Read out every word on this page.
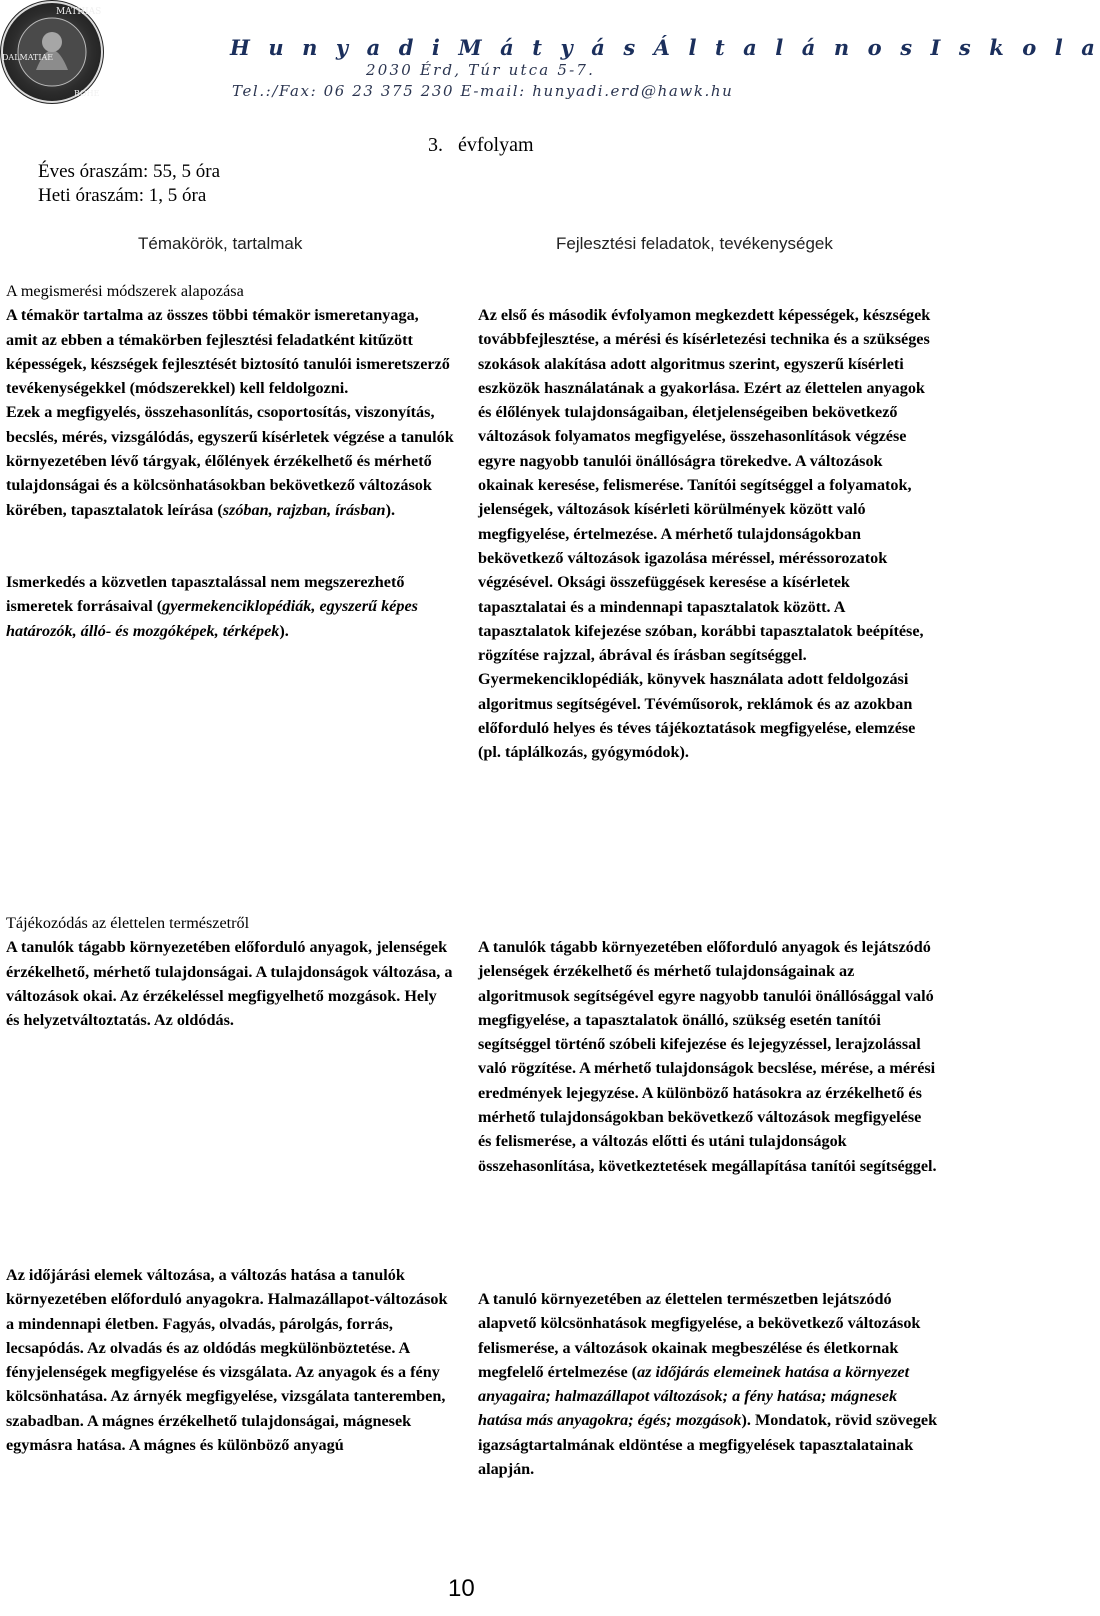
MATHIAS
DALMATIAE
BOHE
H u n y a d i M á t y á s Á l t a l á n o s I s k o l a
2030 Érd, Túr utca 5-7.
Tel.:/Fax: 06 23 375 230 E-mail: hunyadi.erd@hawk.hu
3.   évfolyam
Éves óraszám: 55, 5 óra
Heti óraszám: 1, 5 óra
Témakörök, tartalmak	Fejlesztési feladatok, tevékenységek

A megismerési módszerek alapozása

A témakör tartalma az összes többi témakör ismeretanyaga, amit az ebben a témakörben fejlesztési feladatként kitűzött képességek, készségek fejlesztését biztosító tanulói ismeretszerző tevékenységekkel (módszerekkel) kell feldolgozni.

Ezek a megfigyelés, összehasonlítás, csoportosítás, viszonyítás, becslés, mérés, vizsgálódás, egyszerű kísérletek végzése a tanulók környezetében lévő tárgyak, élőlények érzékelhető és mérhető tulajdonságai és a kölcsönhatásokban bekövetkező változások körében, tapasztalatok leírása (szóban, rajzban, írásban).

Ismerkedés a közvetlen tapasztalással nem megszerezhető ismeretek forrásaival (gyermekenciklopédiák, egyszerű képes határozók, álló- és mozgóképek, térképek).

Az első és második évfolyamon megkezdett képességek, készségek továbbfejlesztése, a mérési és kísérletezési technika és a szükséges szokások alakítása adott algoritmus szerint, egyszerű kísérleti eszközök használatának a gyakorlása. Ezért az élettelen anyagok és élőlények tulajdonságaiban, életjelenségeiben bekövetkező változások folyamatos megfigyelése, összehasonlítások végzése egyre nagyobb tanulói önállóságra törekedve. A változások okainak keresése, felismerése. Tanítói segítséggel a folyamatok, jelenségek, változások kísérleti körülmények között való megfigyelése, értelmezése. A mérhető tulajdonságokban bekövetkező változások igazolása méréssel, méréssorozatok végzésével. Oksági összefüggések keresése a kísérletek tapasztalatai és a mindennapi tapasztalatok között. A tapasztalatok kifejezése szóban, korábbi tapasztalatok beépítése, rögzítése rajzzal, ábrával és írásban segítséggel. Gyermekenciklopédiák, könyvek használata adott feldolgozási algoritmus segítségével. Tévéműsorok, reklámok és az azokban előforduló helyes és téves tájékoztatások megfigyelése, elemzése (pl. táplálkozás, gyógymódok).

Tájékozódás az élettelen természetről

A tanulók tágabb környezetében előforduló anyagok, jelenségek érzékelhető, mérhető tulajdonságai. A tulajdonságok változása, a változások okai. Az érzékeléssel megfigyelhető mozgások. Hely és helyzetváltoztatás. Az oldódás.

A tanulók tágabb környezetében előforduló anyagok és lejátszódó jelenségek érzékelhető és mérhető tulajdonságainak az algoritmusok segítségével egyre nagyobb tanulói önállósággal való megfigyelése, a tapasztalatok önálló, szükség esetén tanítói segítséggel történő szóbeli kifejezése és lejegyzéssel, lerajzolással való rögzítése. A mérhető tulajdonságok becslése, mérése, a mérési eredmények lejegyzése. A különböző hatásokra az érzékelhető és mérhető tulajdonságokban bekövetkező változások megfigyelése és felismerése, a változás előtti és utáni tulajdonságok összehasonlítása, következtetések megállapítása tanítói segítséggel.
Az időjárási elemek változása, a változás hatása a tanulók környezetében előforduló anyagokra. Halmazállapot-változások a mindennapi életben. Fagyás, olvadás, párolgás, forrás, lecsapódás. Az olvadás és az oldódás megkülönböztetése. A fényjelenségek megfigyelése és vizsgálata. Az anyagok és a fény kölcsönhatása. Az árnyék megfigyelése, vizsgálata tanteremben, szabadban. A mágnes érzékelhető tulajdonságai, mágnesek egymásra hatása. A mágnes és különböző anyagú
A tanuló környezetében az élettelen természetben lejátszódó alapvető kölcsönhatások megfigyelése, a bekövetkező változások felismerése, a változások okainak megbeszélése és életkornak megfelelő értelmezése (az időjárás elemeinek hatása a környezet anyagaira; halmazállapot változások; a fény hatása; mágnesek hatása más anyagokra; égés; mozgások). Mondatok, rövid szövegek igazságtartalmának eldöntése a megfigyelések tapasztalatainak alapján.
10
